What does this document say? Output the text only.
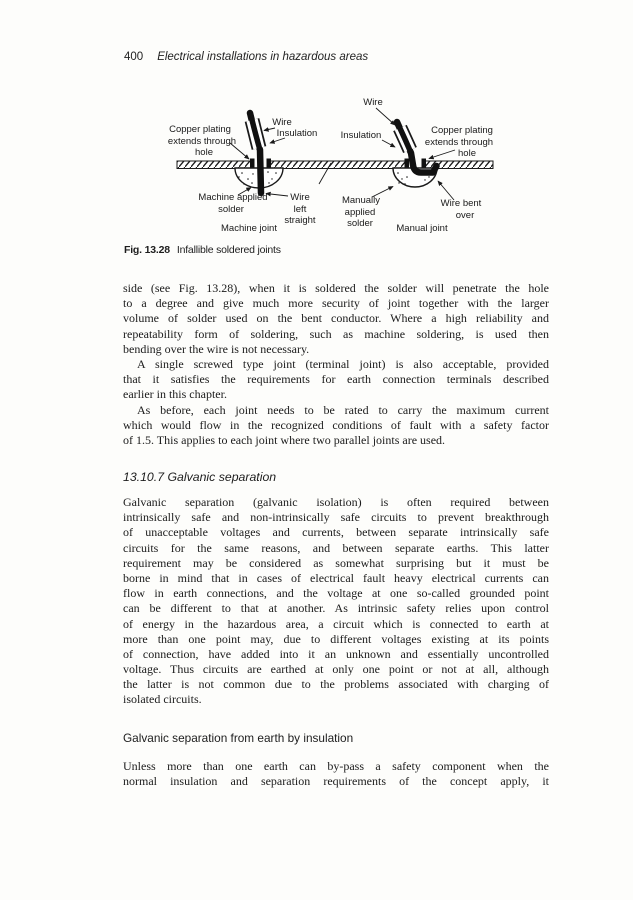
400 Electrical installations in hazardous areas
Copper plating
extends through
hole
Wire
Insulation
Machine applied
solder
Wire
left
straight
Machine joint
Wire
Insulation	Copper plating
extends through
hole
Manually
applied
solder
Wire bent
over
Manual joint
Fig. 13.28 Infallible soldered joints
side (see Fig. 13.28), when it is soldered the solder will penetrate the hole
to a degree and give much more security of joint together with the larger
volume of solder used on the bent conductor. Where a high reliability and
repeatability form of soldering, such as machine soldering, is used then
bending over the wire is not necessary.
A single screwed type joint (terminal joint) is also acceptable, provided
that it satisfies the requirements for earth connection terminals described
earlier in this chapter.
As before, each joint needs to be rated to carry the maximum current
which would flow in the recognized conditions of fault with a safety factor
of 1.5. This applies to each joint where two parallel joints are used.
13.10.7 Galvanic separation
Galvanic separation (galvanic isolation) is often required between
intrinsically safe and non-intrinsically safe circuits to prevent breakthrough
of unacceptable voltages and currents, between separate intrinsically safe
circuits for the same reasons, and between separate earths. This latter
requirement may be considered as somewhat surprising but it must be
borne in mind that in cases of electrical fault heavy electrical currents can
flow in earth connections, and the voltage at one so-called grounded point
can be different to that at another. As intrinsic safety relies upon control
of energy in the hazardous area, a circuit which is connected to earth at
more than one point may, due to different voltages existing at its points
of connection, have added into it an unknown and essentially uncontrolled
voltage. Thus circuits are earthed at only one point or not at all, although
the latter is not common due to the problems associated with charging of
isolated circuits.
Galvanic separation from earth by insulation
Unless more than one earth can by-pass a safety component when the
normal insulation and separation requirements of the concept apply, it
